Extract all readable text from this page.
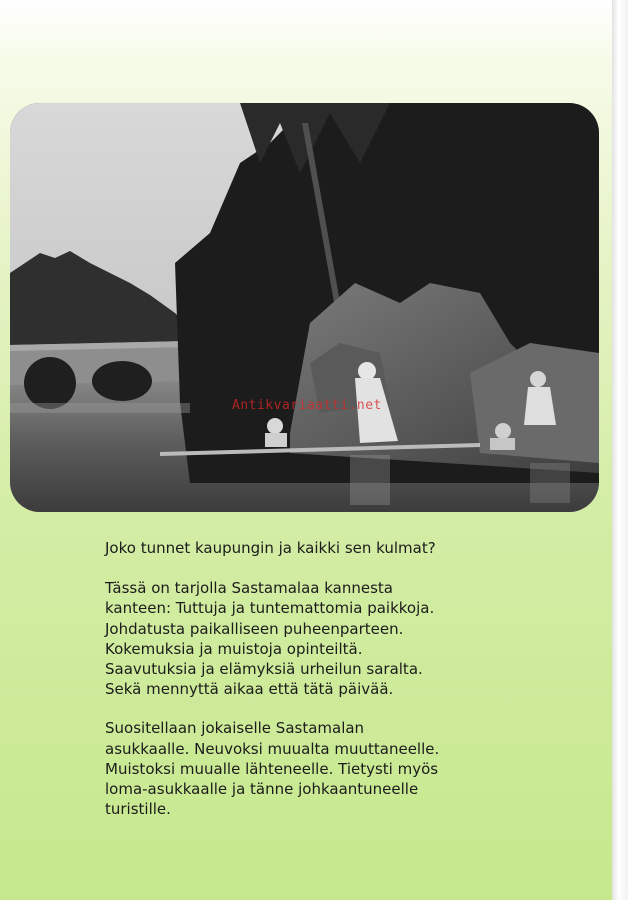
Antikvariaatti.net

Joko tunnet kaupungin ja kaikki sen kulmat?

Tässä on tarjolla Sastamalaa kannesta

kanteen: Tuttuja ja tuntemattomia paikkoja.

Johdatusta paikalliseen puheenparteen.

Kokemuksia ja muistoja opinteiltä.

Saavutuksia ja elämyksiä urheilun saralta.

Sekä mennyttä aikaa että tätä päivää.

Suositellaan jokaiselle Sastamalan

asukkaalle. Neuvoksi muualta muuttaneelle.

Muistoksi muualle lähteneelle. Tietysti myös

loma-asukkaalle ja tänne johkaantuneelle

turistille.
